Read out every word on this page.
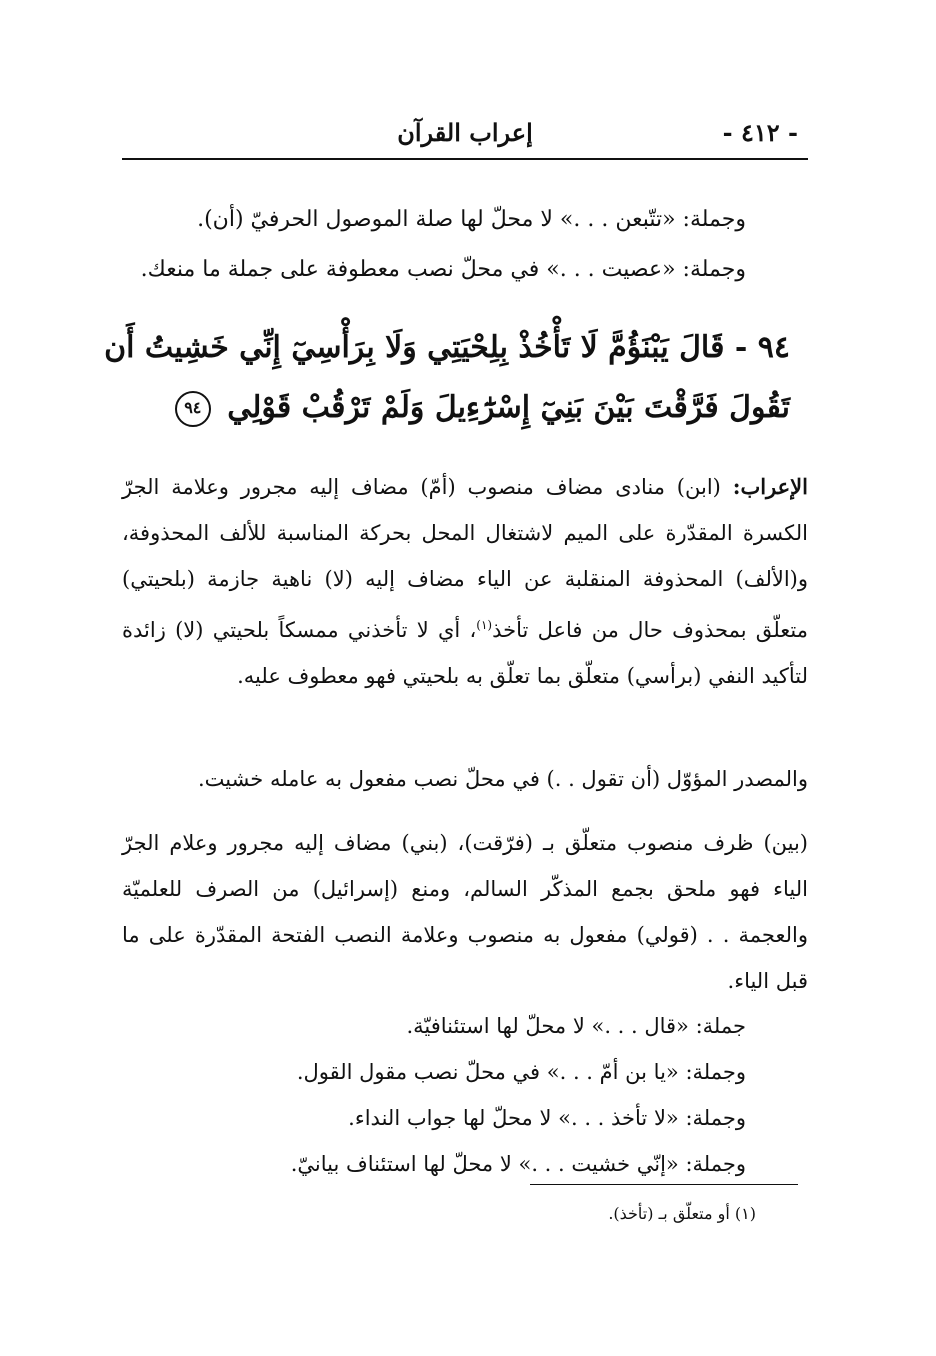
- ٤١٢ -
إعراب القرآن
وجملة: «تتّبعن . . .» لا محلّ لها صلة الموصول الحرفيّ (أن).
وجملة: «عصيت . . .» في محلّ نصب معطوفة على جملة ما منعك.
٩٤ - قَالَ يَبْنَؤُمَّ لَا تَأْخُذْ بِلِحْيَتِي وَلَا بِرَأْسِيٓ إِنِّي خَشِيتُ أَن
تَقُولَ فَرَّقْتَ بَيْنَ بَنِيٓ إِسْرَٰٓءِيلَ وَلَمْ تَرْقُبْ قَوْلِي ٩٤
الإعراب: (ابن) منادى مضاف منصوب (أمّ) مضاف إليه مجرور وعلامة الجرّ الكسرة المقدّرة على الميم لاشتغال المحل بحركة المناسبة للألف المحذوفة، و(الألف) المحذوفة المنقلبة عن الياء مضاف إليه (لا) ناهية جازمة (بلحيتي) متعلّق بمحذوف حال من فاعل تأخذ$^{(١)}$، أي لا تأخذني ممسكاً بلحيتي (لا) زائدة لتأكيد النفي (برأسي) متعلّق بما تعلّق به بلحيتي فهو معطوف عليه.
والمصدر المؤوّل (أن تقول . .) في محلّ نصب مفعول به عامله خشيت.
(بين) ظرف منصوب متعلّق بـ (فرّقت)، (بني) مضاف إليه مجرور وعلام الجرّ الياء فهو ملحق بجمع المذكّر السالم، ومنع (إسرائيل) من الصرف للعلميّة والعجمة . . (قولي) مفعول به منصوب وعلامة النصب الفتحة المقدّرة على ما قبل الياء.
جملة: «قال . . .» لا محلّ لها استئنافيّة.
وجملة: «يا بن أمّ . . .» في محلّ نصب مقول القول.
وجملة: «لا تأخذ . . .» لا محلّ لها جواب النداء.
وجملة: «إنّي خشيت . . .» لا محلّ لها استئناف بيانيّ.
(١) أو متعلّق بـ (تأخذ).
